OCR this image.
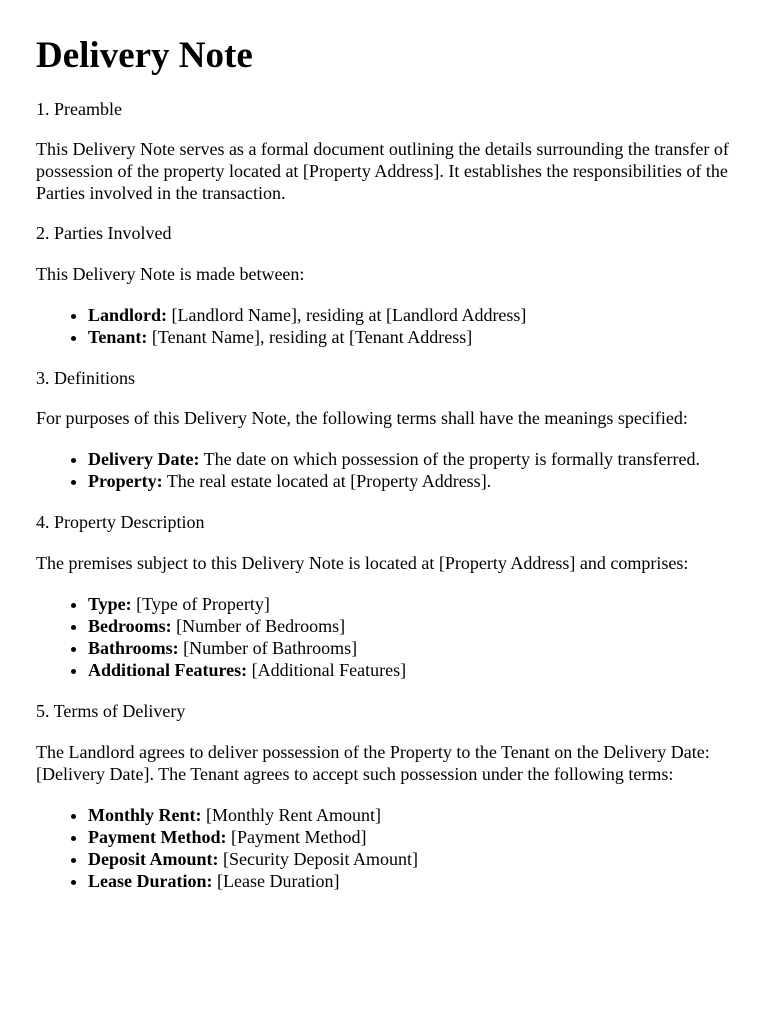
Delivery Note
1. Preamble

This Delivery Note serves as a formal document outlining the details surrounding the transfer of possession of the property located at [Property Address]. It establishes the responsibilities of the Parties involved in the transaction.

2. Parties Involved

This Delivery Note is made between:

• Landlord: [Landlord Name], residing at [Landlord Address]
• Tenant: [Tenant Name], residing at [Tenant Address]
3. Definitions

For purposes of this Delivery Note, the following terms shall have the meanings specified:

• Delivery Date: The date on which possession of the property is formally transferred.
• Property: The real estate located at [Property Address].
4. Property Description

The premises subject to this Delivery Note is located at [Property Address] and comprises:

• Type: [Type of Property]
• Bedrooms: [Number of Bedrooms]
• Bathrooms: [Number of Bathrooms]
• Additional Features: [Additional Features]
5. Terms of Delivery

The Landlord agrees to deliver possession of the Property to the Tenant on the Delivery Date: [Delivery Date]. The Tenant agrees to accept such possession under the following terms:

• Monthly Rent: [Monthly Rent Amount]
• Payment Method: [Payment Method]
• Deposit Amount: [Security Deposit Amount]
• Lease Duration: [Lease Duration]
